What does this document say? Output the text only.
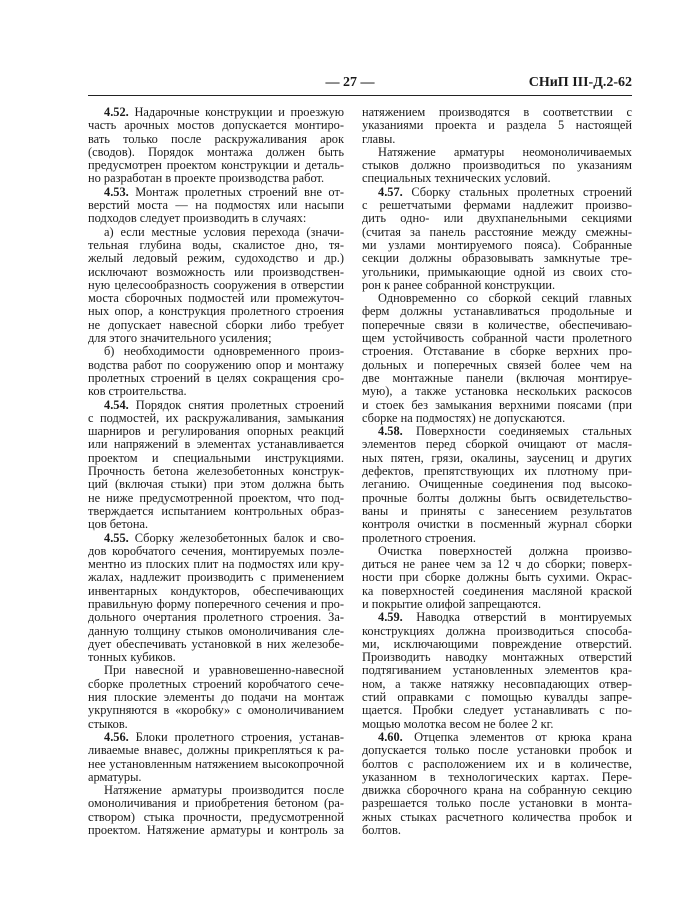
— 27 —	СНиП III-Д.2-62
4.52. Надарочные конструкции и проезжую
часть арочных мостов допускается монтиро-
вать только после раскружаливания арок
(сводов). Порядок монтажа должен быть
предусмотрен проектом конструкции и деталь-
но разработан в проекте производства работ.
4.53. Монтаж пролетных строений вне от-
верстий моста — на подмостях или насыпи
подходов следует производить в случаях:
а) если местные условия перехода (значи-
тельная глубина воды, скалистое дно, тя-
желый ледовый режим, судоходство и др.)
исключают возможность или производствен-
ную целесообразность сооружения в отверстии
моста сборочных подмостей или промежуточ-
ных опор, а конструкция пролетного строения
не допускает навесной сборки либо требует
для этого значительного усиления;
б) необходимости одновременного произ-
водства работ по сооружению опор и монтажу
пролетных строений в целях сокращения сро-
ков строительства.
4.54. Порядок снятия пролетных строений
с подмостей, их раскружаливания, замыкания
шарниров и регулирования опорных реакций
или напряжений в элементах устанавливается
проектом и специальными инструкциями.
Прочность бетона железобетонных конструк-
ций (включая стыки) при этом должна быть
не ниже предусмотренной проектом, что под-
тверждается испытанием контрольных образ-
цов бетона.
4.55. Сборку железобетонных балок и сво-
дов коробчатого сечения, монтируемых поэле-
ментно из плоских плит на подмостях или кру-
жалах, надлежит производить с применением
инвентарных кондукторов, обеспечивающих
правильную форму поперечного сечения и про-
дольного очертания пролетного строения. За-
данную толщину стыков омоноличивания сле-
дует обеспечивать установкой в них железобе-
тонных кубиков.
При навесной и уравновешенно-навесной
сборке пролетных строений коробчатого сече-
ния плоские элементы до подачи на монтаж
укрупняются в «коробку» с омоноличиванием
стыков.
4.56. Блоки пролетного строения, устанав-
ливаемые внавес, должны прикрепляться к ра-
нее установленным натяжением высокопрочной
арматуры.
Натяжение арматуры производится после
омоноличивания и приобретения бетоном (ра-
створом) стыка прочности, предусмотренной
проектом. Натяжение арматуры и контроль за
натяжением производятся в соответствии с
указаниями проекта и раздела 5 настоящей
главы.
Натяжение арматуры неомоноличиваемых
стыков должно производиться по указаниям
специальных технических условий.
4.57. Сборку стальных пролетных строений
с решетчатыми фермами надлежит произво-
дить одно- или двухпанельными секциями
(считая за панель расстояние между смежны-
ми узлами монтируемого пояса). Собранные
секции должны образовывать замкнутые тре-
угольники, примыкающие одной из своих сто-
рон к ранее собранной конструкции.
Одновременно со сборкой секций главных
ферм должны устанавливаться продольные и
поперечные связи в количестве, обеспечиваю-
щем устойчивость собранной части пролетного
строения. Отставание в сборке верхних про-
дольных и поперечных связей более чем на
две монтажные панели (включая монтируе-
мую), а также установка нескольких раскосов
и стоек без замыкания верхними поясами (при
сборке на подмостях) не допускаются.
4.58. Поверхности соединяемых стальных
элементов перед сборкой очищают от масля-
ных пятен, грязи, окалины, заусениц и других
дефектов, препятствующих их плотному при-
леганию. Очищенные соединения под высоко-
прочные болты должны быть освидетельство-
ваны и приняты с занесением результатов
контроля очистки в посменный журнал сборки
пролетного строения.
Очистка поверхностей должна произво-
диться не ранее чем за 12 ч до сборки; поверх-
ности при сборке должны быть сухими. Окрас-
ка поверхностей соединения масляной краской
и покрытие олифой запрещаются.
4.59. Наводка отверстий в монтируемых
конструкциях должна производиться способа-
ми, исключающими повреждение отверстий.
Производить наводку монтажных отверстий
подтягиванием установленных элементов кра-
ном, а также натяжку несовпадающих отвер-
стий оправками с помощью кувалды запре-
щается. Пробки следует устанавливать с по-
мощью молотка весом не более 2 кг.
4.60. Отцепка элементов от крюка крана
допускается только после установки пробок и
болтов с расположением их и в количестве,
указанном в технологических картах. Пере-
движка сборочного крана на собранную секцию
разрешается только после установки в монта-
жных стыках расчетного количества пробок и
болтов.
